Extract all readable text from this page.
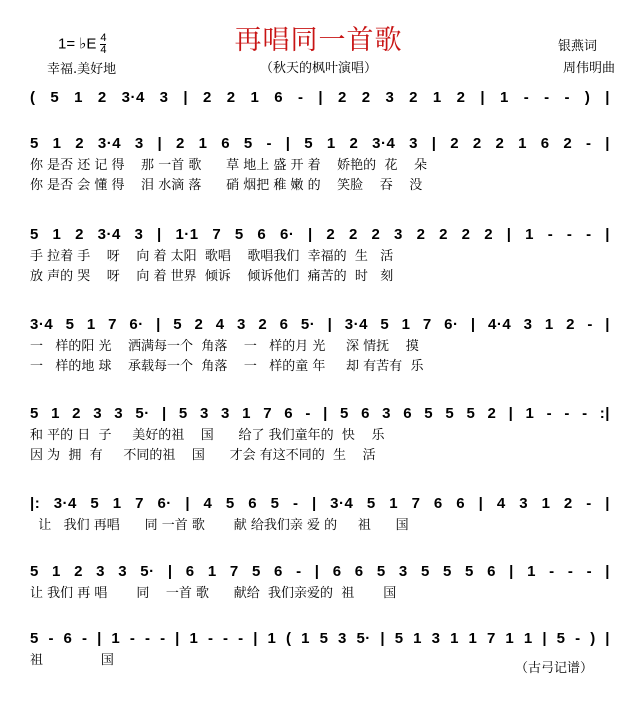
再唱同一首歌
1= ♭E $\frac{4}{4}$
幸福.美好地	（秋天的枫叶演唱）
银燕词
周伟明曲
( 5 1 2 3·4 3 | 2 2 1 6 - | 2 2 3 2 1 2 | 1 - - - ) |
5 1 2 3·4 3 | 2 1 6 5 - | 5 1 2 3·4 3 | 2 2 2 1 6 2 - |
你 是否 还 记 得    那 一首 歌      草 地上 盛 开 着    娇艳的  花    朵
你 是否 会 懂 得    泪 水滴 落      硝 烟把 稚 嫩 的    笑脸    吞    没
5 1 2 3·4 3 | 1·1 7 5 6 6· | 2 2 2 3 2 2 2 2 | 1 - - - |
手 拉着 手    呀    向 着 太阳  歌唱    歌唱我们  幸福的  生   活
放 声的 哭    呀    向 着 世界  倾诉    倾诉他们  痛苦的  时   刻
3·4 5 1 7 6· | 5 2 4 3 2 6 5· | 3·4 5 1 7 6· | 4·4 3 1 2 - |
一   样的阳 光    洒满每一个  角落    一   样的月 光     深 情抚    摸
一   样的地 球    承载每一个  角落    一   样的童 年     却 有苦有  乐
5 1 2 3 3 5· | 5 3 3 1 7 6 - | 5 6 3 6 5 5 5 2 | 1 - - - :|
和 平的 日  子     美好的祖    国      给了 我们童年的  快    乐
因 为  拥  有     不同的祖    国      才会 有这不同的  生    活
|: 3·4 5 1 7 6· | 4 5 6 5 - | 3·4 5 1 7 6 6 | 4 3 1 2 - |
让   我们 再唱      同 一首 歌       献 给我们亲 爱 的     祖      国
5 1 2 3 3 5· | 6 1 7 5 6 - | 6 6 5 3 5 5 5 6 | 1 - - - |
让 我们 再 唱       同    一首 歌      献给  我们亲爱的  祖       国
5 - 6 - | 1 - - - | 1 - - - | 1 ( 1 5 3 5· | 5 1 3 1 1 7 1 1 | 5 - ) |
祖              国
（古弓记谱）
